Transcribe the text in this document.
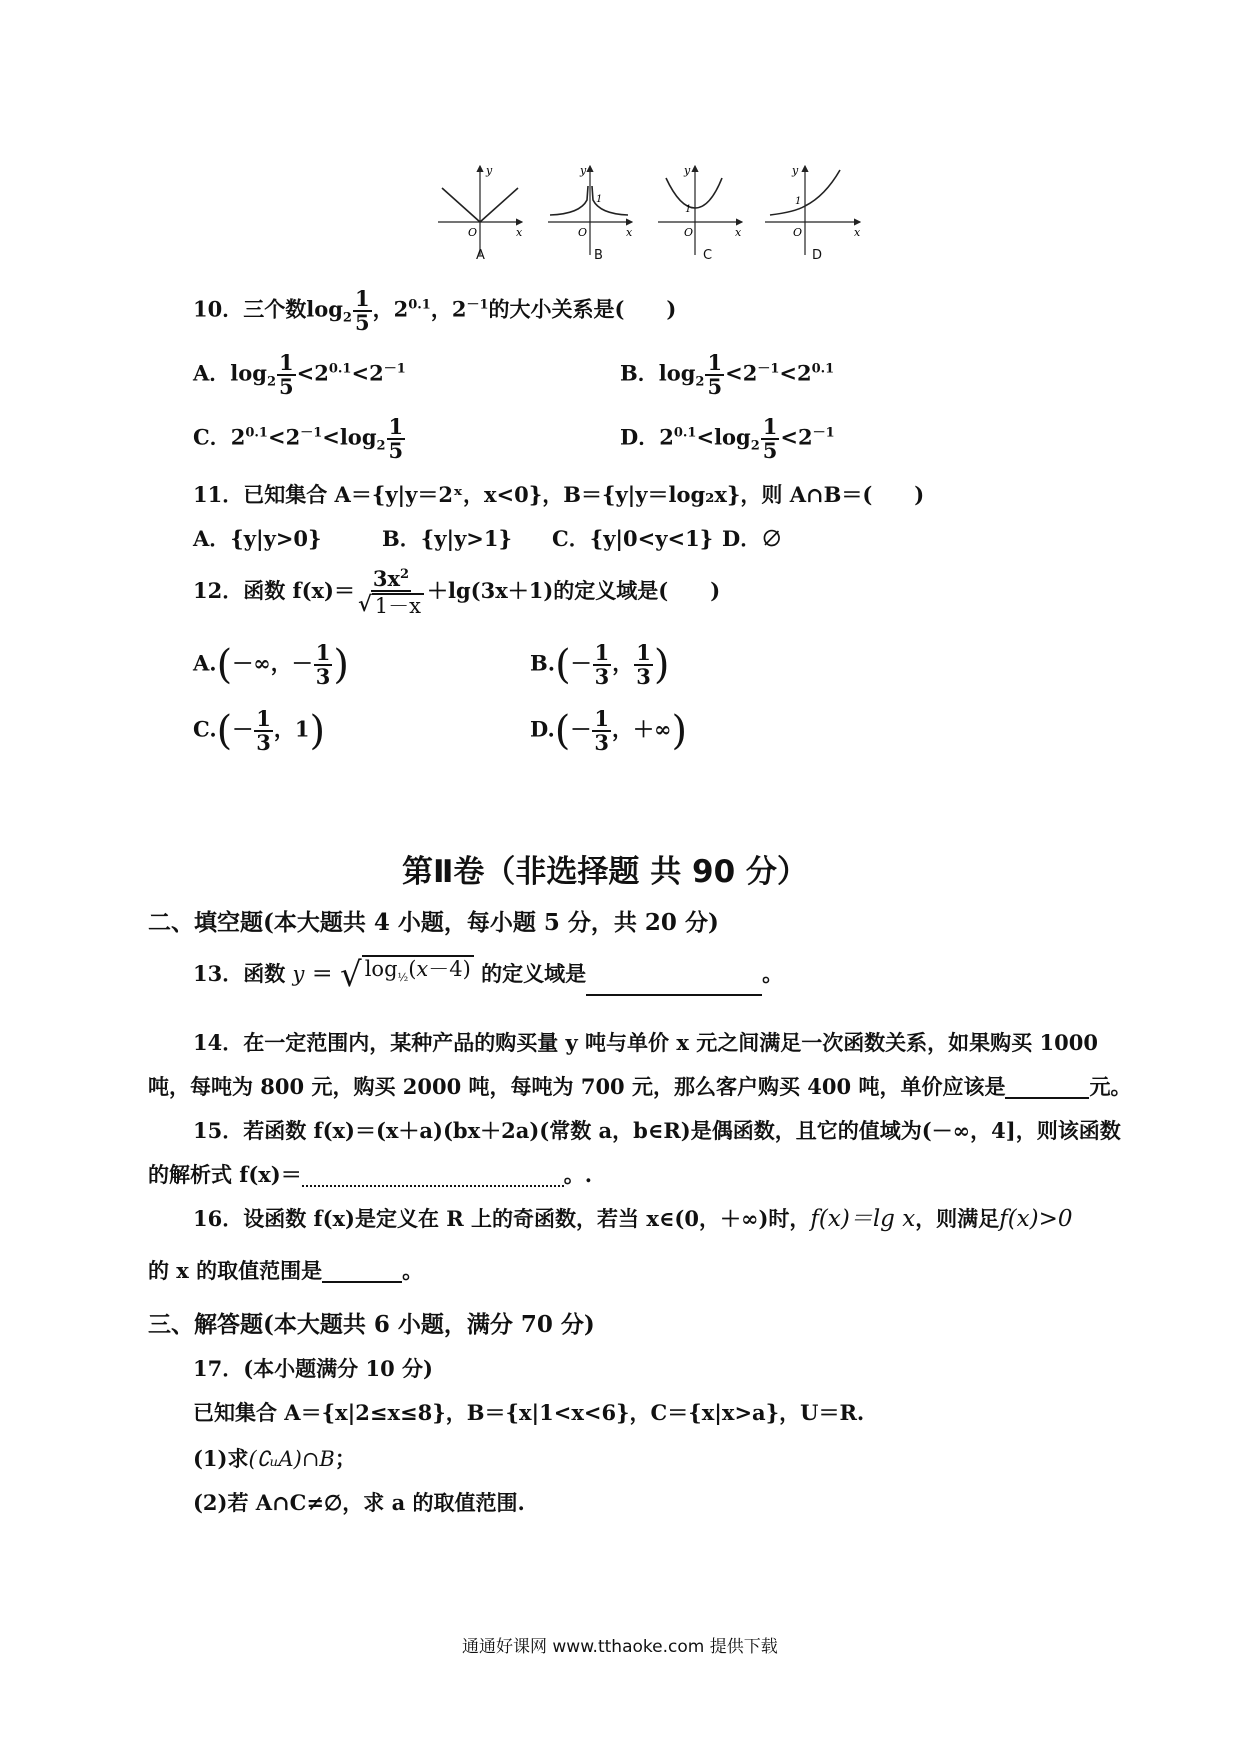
y
x
O
y
x
O
1
y
x
O
1
y
x
O
1
A	B	C	D
10．三个数$\log_2 \frac{1}{5}$ ，$2^{0.1}$，$2^{-1}$的大小关系是(　　)
A．$\log_2 \frac{1}{5} <2^{0.1}<2^{-1}$	B．$\log_2 \frac{1}{5} <2^{-1}<2^{0.1}$
C．$2^{0.1}<2^{-1}<\log_2 \frac{1}{5}$	D．$2^{0.1}<\log_2 \frac{1}{5} <2^{-1}$
11．已知集合 A＝{y|y＝2ˣ，x<0}，B＝{y|y＝log₂x}，则 A∩B＝(　　)
A．{y|y>0}	B．{y|y>1} C．{y|0<y<1} D．∅
12．函数 $f(x)= \frac{3x^2}{√ 1-x} +\lg(3x+1)$的定义域是(　　)
A.(－∞，－ $\frac{1}{3}$ )	$B.(- \frac{1}{3}$ ， $\frac{1}{3}$ )
$C.(- \frac{1}{3}$ ，1)	$D.(- \frac{1}{3}$ ，＋∞)
第Ⅱ卷（非选择题 共 90 分）
二、填空题(本大题共 4 小题，每小题 5 分，共 20 分)
13．函数 y ＝ √ $\log_{\frac{1}{2}}(x-4)$ 的定义域是	。
14．在一定范围内，某种产品的购买量 y 吨与单价 x 元之间满足一次函数关系，如果购买 1000
吨，每吨为 800 元，购买 2000 吨，每吨为 700 元，那么客户购买 400 吨，单价应该是	元。
15．若函数 f(x)＝(x＋a)(bx＋2a)(常数 a，b∈R)是偶函数，且它的值域为(－∞，4]，则该函数
的解析式 f(x)＝	。.
16．设函数 f(x)是定义在 R 上的奇函数，若当 x∈(0，＋∞)时，f(x)＝lg x，则满足f(x)>0
的 x 的取值范围是	。
三、解答题(本大题共 6 小题，满分 70 分)
17．(本小题满分 10 分)
已知集合 A＝{x|2≤x≤8}，B＝{x|1<x<6}，C＝{x|x>a}，U＝R.
(1)求(∁ᵤA)∩B；
(2)若 A∩C≠∅，求 a 的取值范围.
通通好课网 www.tthaoke.com 提供下载
